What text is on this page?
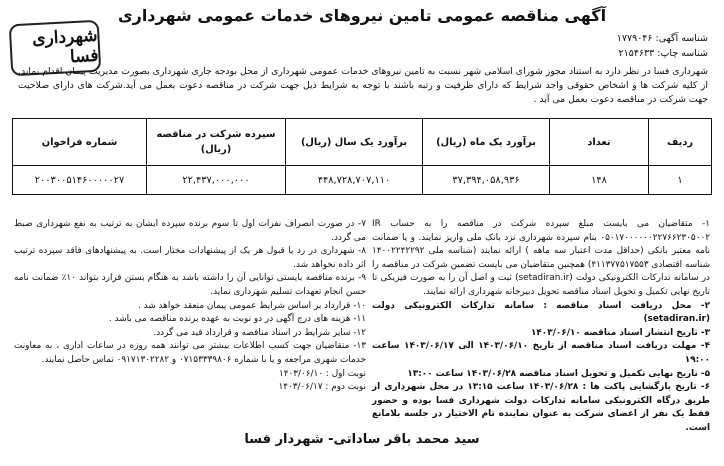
آگهی مناقصه عمومی تامین نیروهای خدمات عمومی شهرداری
شناسه آگهی: ۱۷۷۹۰۴۶
شناسه چاپ: ۲۱۵۴۶۳۳
شهرداری فسا
شهرداری فسا در نظر دارد به استناد مجوز شورای اسلامی شهر نسبت به تامین نیروهای خدمات عمومی شهرداری از محل بودجه جاری شهرداری بصورت مدیریت پیمان اقدام نماید. از کلیه شرکت ها و اشخاص حقوقی واجد شرایط که دارای ظرفیت و رتبه باشند با توجه به شرایط ذیل جهت شرکت در مناقصه دعوت بعمل می آید.شرکت های دارای صلاحیت جهت شرکت در مناقصه دعوت بعمل می آید .
ردیف	تعداد	برآورد یک ماه (ریال)	برآورد یک سال (ریال)	سپرده شرکت در مناقصه (ریال)	شماره فراخوان
۱	۱۴۸	۳۷,۳۹۴,۰۵۸,۹۳۶	۴۴۸,۷۲۸,۷۰۷,۱۱۰	۲۲,۴۳۷,۰۰۰,۰۰۰	۲۰۰۳۰۰۵۱۴۶۰۰۰۰۰۲۷

۱- متقاضیان می بایست مبلغ سپرده شرکت در مناقصه را به حساب IR ۰۵۰۱۷۰۰۰۰۰۰۲۲۷۶۶۲۳۰۵۰۰۲ بنام سپرده شهرداری نزد بانک ملی واریز نمایند. و یا ضمانت نامه معتبر بانکی (حداقل مدت اعتبار سه ماهه ) ارائه نمایند (شناسه ملی ۱۴۰۰۲۲۴۲۲۹۲ شناسه اقتصادی ۴۱۱۳۷۷۵۱۷۵۵۳) همچنین متقاضیان می بایست تضمین شرکت در مناقصه را در سامانه تدارکات الکترونیکی دولت (setadiran.ir) ثبت و اصل آن را به صورت فیزیکی تا تاریخ نهایی تکمیل و تحویل اسناد مناقصه تحویل دبیرخانه شهرداری ارائه نمایند.

۲- محل دریافت اسناد مناقصه : سامانه تدارکات الکترونیکی دولت (setadiran.ir)

۳- تاریخ انتشار اسناد مناقصه ۱۴۰۳/۰۶/۱۰

۴- مهلت دریافت اسناد مناقصه از تاریخ ۱۴۰۳/۰۶/۱۰ الی ۱۴۰۳/۰۶/۱۷ ساعت ۱۹:۰۰

۵- تاریخ نهایی تکمیل و تحویل اسناد مناقصه ۱۴۰۳/۰۶/۲۸ ساعت ۱۳:۰۰

۶- تاریخ بازگشایی پاکت ها : ۱۴۰۳/۰۶/۲۸ ساعت ۱۳:۱۵ در محل شهرداری از طریق درگاه الکترونیکی سامانه تدارکات دولت شهرداری فسا بوده و حضور فقط یک نفر از اعضای شرکت به عنوان نماینده تام الاختیار در جلسه بلامانع است.

۷- در صورت انصراف نفرات اول تا سوم برنده سپرده ایشان به ترتیب به نفع شهرداری ضبط می گردد.

۸- شهرداری در رد یا قبول هر یک از پیشنهادات مختار است. به پیشنهادهای فاقد سپرده ترتیب اثر داده نخواهد شد.

۹- برنده مناقصه بایستی توانایی آن را داشته باشد به هنگام بستن قرارد بتواند ۱۰٪ ضمانت نامه حسن انجام تعهدات تسلیم شهرداری نماید.

۱۰- قرارداد بر اساس شرایط عمومی پیمان منعقد خواهد شد .

۱۱- هزینه های درج آگهی در دو نوبت به عهده برنده مناقصه می باشد .

۱۲- سایر شرایط در اسناد مناقصه و قرارداد قید می گردد.

۱۳- متقاضیان جهت کسب اطلاعات بیشتر می توانند همه روزه در ساعات اداری ، به معاونت خدمات شهری مراجعه و یا با شماره ۰۷۱۵۳۳۳۹۸۰۶ و ۰۹۱۷۱۳۰۲۲۸۲ تماس حاصل نمایند.

نوبت اول : ۱۴۰۳/۰۶/۱۰

نوبت دوم : ۱۴۰۳/۰۶/۱۷

سید محمد باقر ساداتی- شهردار فسا
